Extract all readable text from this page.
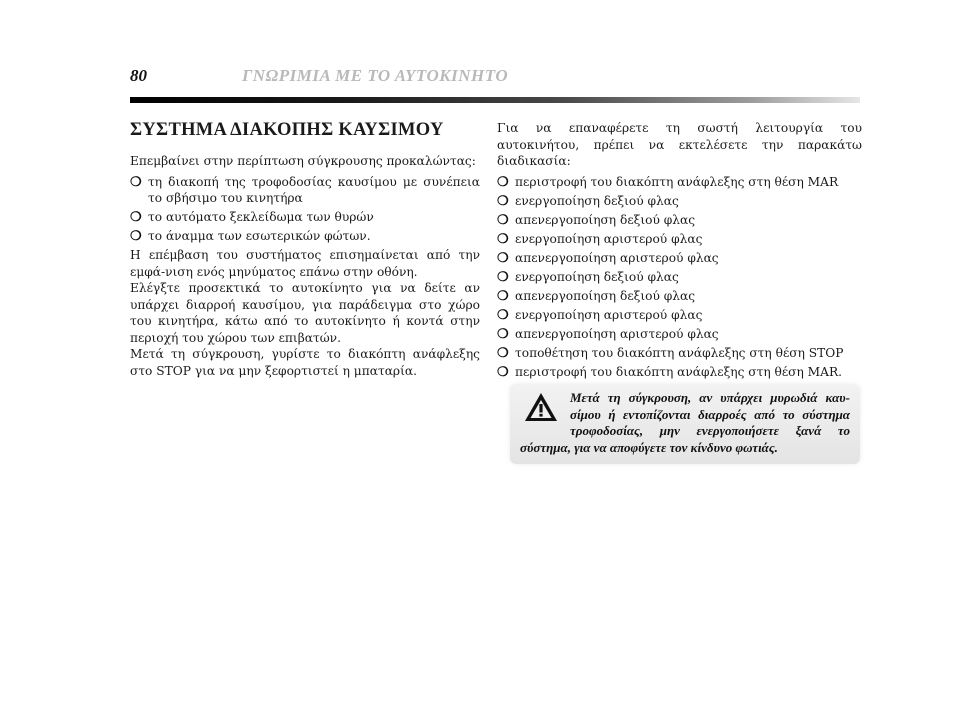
80	ΓΝΩΡΙΜΙΑ ΜΕ ΤΟ ΑΥΤΟΚΙΝΗΤΟ
ΣΥΣΤΗΜΑ ΔΙΑΚΟΠΗΣ ΚΑΥΣΙΜΟΥ

Επεμβαίνει στην περίπτωση σύγκρουσης προκαλώντας:

❍ τη διακοπή της τροφοδοσίας καυσίμου με συνέπεια το σβήσιμο του κινητήρα
❍ το αυτόματο ξεκλείδωμα των θυρών
❍ το άναμμα των εσωτερικών φώτων.

Η επέμβαση του συστήματος επισημαίνεται από την εμφά-νιση ενός μηνύματος επάνω στην οθόνη.

Ελέγξτε προσεκτικά το αυτοκίνητο για να δείτε αν υπάρχει διαρροή καυσίμου, για παράδειγμα στο χώρο του κινητήρα, κάτω από το αυτοκίνητο ή κοντά στην περιοχή του χώρου των επιβατών.

Μετά τη σύγκρουση, γυρίστε το διακόπτη ανάφλεξης στο STOP για να μην ξεφορτιστεί η μπαταρία.

Για να επαναφέρετε τη σωστή λειτουργία του αυτοκινήτου, πρέπει να εκτελέσετε την παρακάτω διαδικασία:

❍ περιστροφή του διακόπτη ανάφλεξης στη θέση MAR
❍ ενεργοποίηση δεξιού φλας
❍ απενεργοποίηση δεξιού φλας
❍ ενεργοποίηση αριστερού φλας
❍ απενεργοποίηση αριστερού φλας
❍ ενεργοποίηση δεξιού φλας
❍ απενεργοποίηση δεξιού φλας
❍ ενεργοποίηση αριστερού φλας
❍ απενεργοποίηση αριστερού φλας
❍ τοποθέτηση του διακόπτη ανάφλεξης στη θέση STOP
❍ περιστροφή του διακόπτη ανάφλεξης στη θέση MAR.
Μετά τη σύγκρουση, αν υπάρχει μυρωδιά καυ-σίμου ή εντοπίζονται διαρροές από το σύστημα τροφοδοσίας, μην ενεργοποιήσετε ξανά το σύστημα, για να αποφύγετε τον κίνδυνο φωτιάς.
